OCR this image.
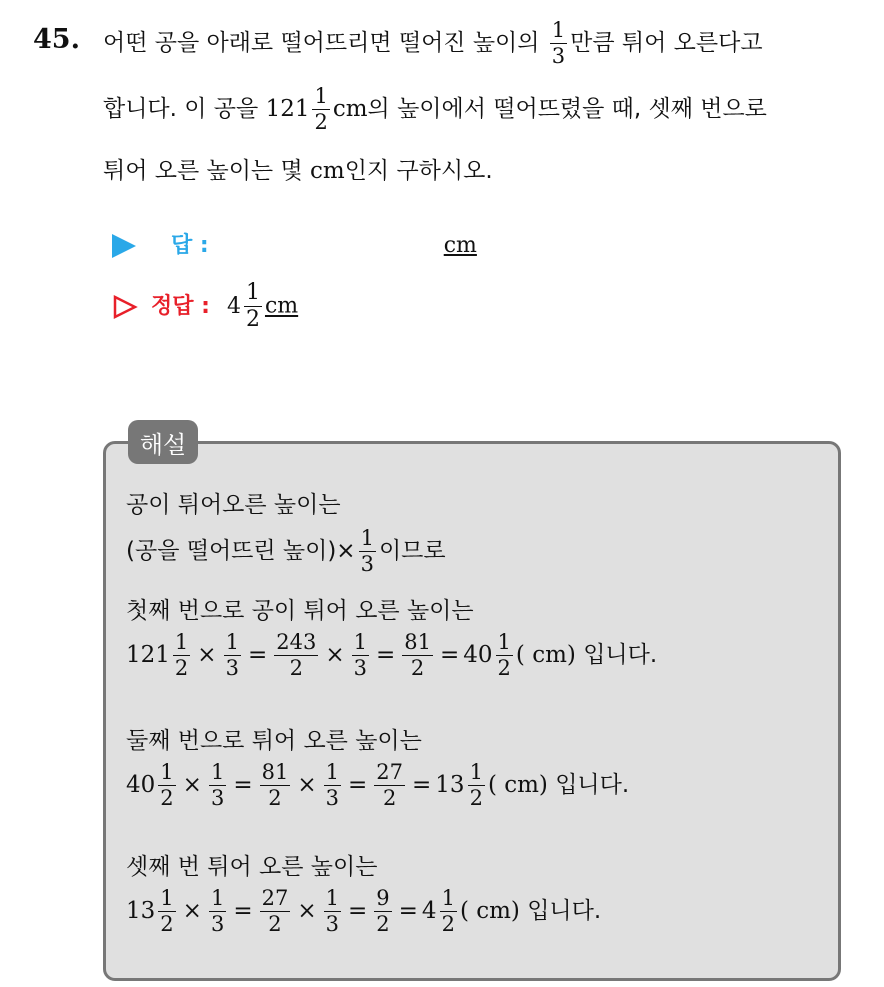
45. 어떤 공을 아래로 떨어뜨리면 떨어진 높이의 $\frac{1}{3}$ 만큼 튀어 오른다고
합니다. 이 공을 $121 \frac{1}{2}$ cm의 높이에서 떨어뜨렸을 때, 셋째 번으로
튀어 오른 높이는 몇 cm인지 구하시오.
답 :	cm
정답 : $4 \frac{1}{2}$ cm
공이 튀어오른 높이는
(공을 떨어뜨린 높이)× $\frac{1}{3}$ 이므로
첫째 번으로 공이 튀어 오른 높이는
$121 \frac{1}{2} \times \frac{1}{3} = \frac{243}{2} \times \frac{1}{3} = \frac{81}{2} = 40 \frac{1}{2}$ ( cm) 입니다.
둘째 번으로 튀어 오른 높이는
$40 \frac{1}{2} \times \frac{1}{3} = \frac{81}{2} \times \frac{1}{3} = \frac{27}{2} = 13 \frac{1}{2}$ ( cm) 입니다.
셋째 번 튀어 오른 높이는
$13 \frac{1}{2} \times \frac{1}{3} = \frac{27}{2} \times \frac{1}{3} = \frac{9}{2} = 4 \frac{1}{2}$ ( cm) 입니다.
해설
